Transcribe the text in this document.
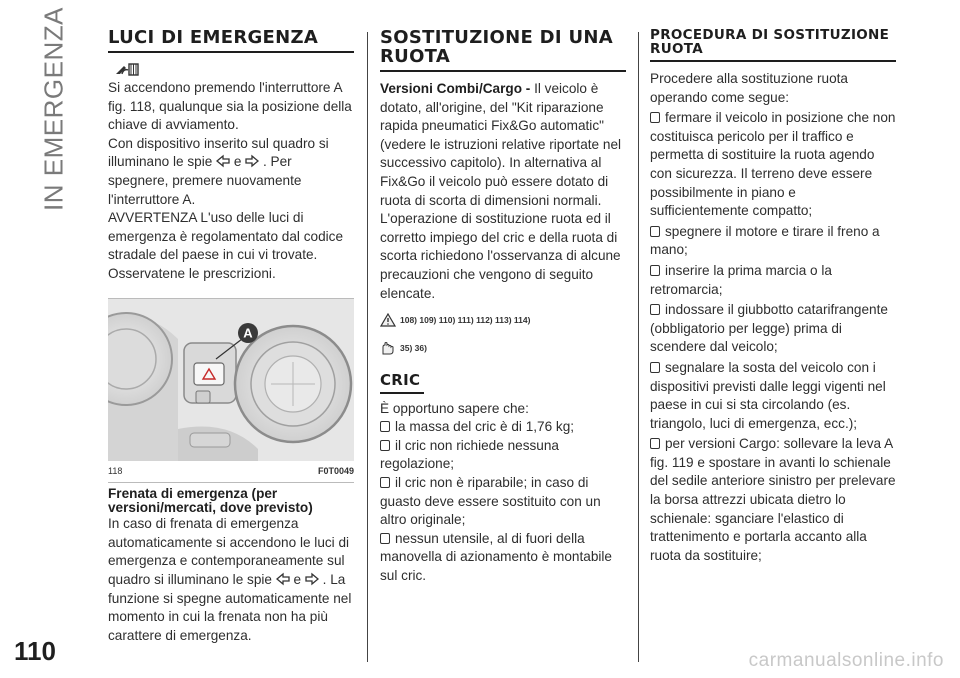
IN EMERGENZA LUCI DI EMERGENZA

Si accendono premendo l'interruttore A fig. 118, qualunque sia la posizione della chiave di avviamento.

Con dispositivo inserito sul quadro si illuminano le spie e . Per spegnere, premere nuovamente l'interruttore A.

AVVERTENZA L'uso delle luci di emergenza è regolamentato dal codice stradale del paese in cui vi trovate. Osservatene le prescrizioni.

A
118	F0T0049
Frenata di emergenza (per versioni/mercati, dove previsto)

In caso di frenata di emergenza automaticamente si accendono le luci di emergenza e contemporaneamente sul quadro si illuminano le spie e . La funzione si spegne automaticamente nel momento in cui la frenata non ha più carattere di emergenza.

SOSTITUZIONE DI UNA RUOTA

Versioni Combi/Cargo - Il veicolo è dotato, all'origine, del "Kit riparazione rapida pneumatici Fix&Go automatic" (vedere le istruzioni relative riportate nel successivo capitolo). In alternativa al Fix&Go il veicolo può essere dotato di ruota di scorta di dimensioni normali. L'operazione di sostituzione ruota ed il corretto impiego del cric e della ruota di scorta richiedono l'osservanza di alcune precauzioni che vengono di seguito elencate.

108) 109) 110) 111) 112) 113) 114)
35) 36)
CRIC

È opportuno sapere che:

la massa del cric è di 1,76 kg;

il cric non richiede nessuna regolazione;

il cric non è riparabile; in caso di guasto deve essere sostituito con un altro originale;

nessun utensile, al di fuori della manovella di azionamento è montabile sul cric.

PROCEDURA DI SOSTITUZIONE RUOTA

Procedere alla sostituzione ruota operando come segue:

fermare il veicolo in posizione che non costituisca pericolo per il traffico e permetta di sostituire la ruota agendo con sicurezza. Il terreno deve essere possibilmente in piano e sufficientemente compatto;

spegnere il motore e tirare il freno a mano;

inserire la prima marcia o la retromarcia;

indossare il giubbotto catarifrangente (obbligatorio per legge) prima di scendere dal veicolo;

segnalare la sosta del veicolo con i dispositivi previsti dalle leggi vigenti nel paese in cui si sta circolando (es. triangolo, luci di emergenza, ecc.);

per versioni Cargo: sollevare la leva A fig. 119 e spostare in avanti lo schienale del sedile anteriore sinistro per prelevare la borsa attrezzi ubicata dietro lo schienale: sganciare l'elastico di trattenimento e portarla accanto alla ruota da sostituire;

110	carmanualsonline.info
